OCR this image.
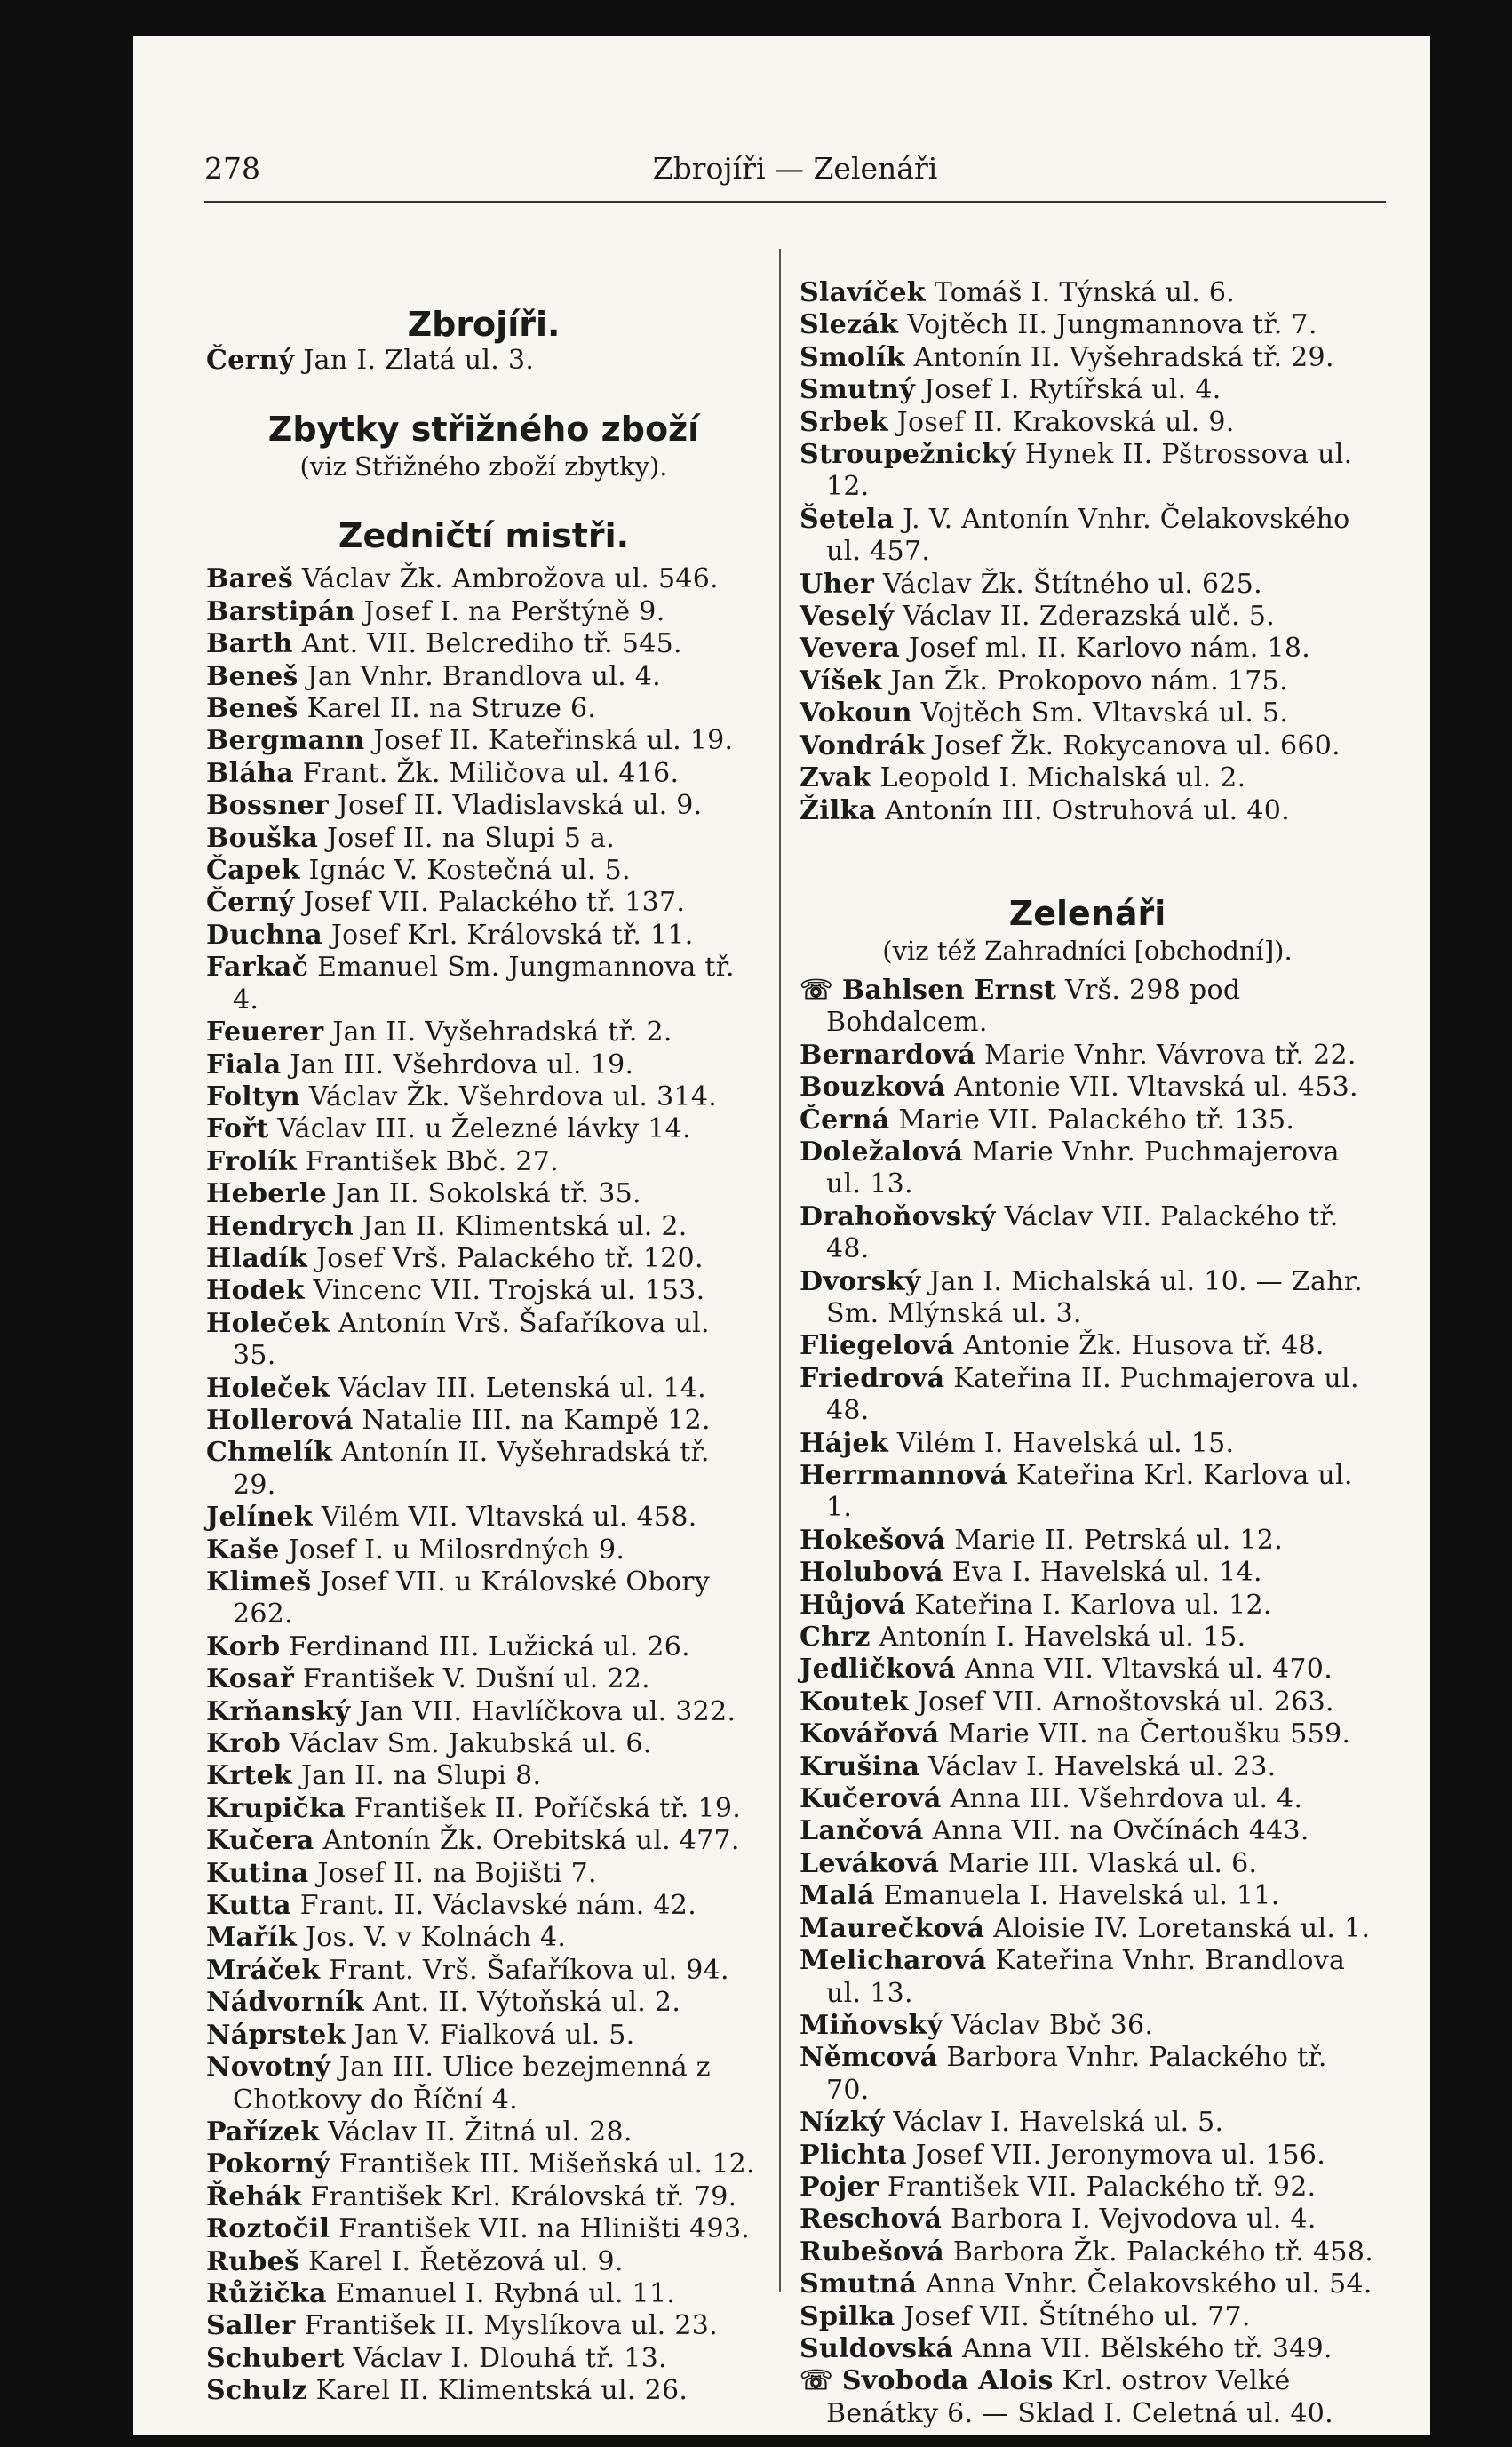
278	Zbrojíři — Zelenáři
Zbrojíři.
Černý Jan I. Zlatá ul. 3.
Zbytky střižného zboží
(viz Střižného zboží zbytky).
Zedničtí mistři.
Bareš Václav Žk. Ambrožova ul. 546.
Barstipán Josef I. na Perštýně 9.
Barth Ant. VII. Belcrediho tř. 545.
Beneš Jan Vnhr. Brandlova ul. 4.
Beneš Karel II. na Struze 6.
Bergmann Josef II. Kateřinská ul. 19.
Bláha Frant. Žk. Miličova ul. 416.
Bossner Josef II. Vladislavská ul. 9.
Bouška Josef II. na Slupi 5 a.
Čapek Ignác V. Kostečná ul. 5.
Černý Josef VII. Palackého tř. 137.
Duchna Josef Krl. Královská tř. 11.
Farkač Emanuel Sm. Jungmannova tř. 4.
Feuerer Jan II. Vyšehradská tř. 2.
Fiala Jan III. Všehrdova ul. 19.
Foltyn Václav Žk. Všehrdova ul. 314.
Fořt Václav III. u Železné lávky 14.
Frolík František Bbč. 27.
Heberle Jan II. Sokolská tř. 35.
Hendrych Jan II. Klimentská ul. 2.
Hladík Josef Vrš. Palackého tř. 120.
Hodek Vincenc VII. Trojská ul. 153.
Holeček Antonín Vrš. Šafaříkova ul. 35.
Holeček Václav III. Letenská ul. 14.
Hollerová Natalie III. na Kampě 12.
Chmelík Antonín II. Vyšehradská tř. 29.
Jelínek Vilém VII. Vltavská ul. 458.
Kaše Josef I. u Milosrdných 9.
Klimeš Josef VII. u Královské Obory 262.
Korb Ferdinand III. Lužická ul. 26.
Kosař František V. Dušní ul. 22.
Krňanský Jan VII. Havlíčkova ul. 322.
Krob Václav Sm. Jakubská ul. 6.
Krtek Jan II. na Slupi 8.
Krupička František II. Poříčská tř. 19.
Kučera Antonín Žk. Orebitská ul. 477.
Kutina Josef II. na Bojišti 7.
Kutta Frant. II. Václavské nám. 42.
Mařík Jos. V. v Kolnách 4.
Mráček Frant. Vrš. Šafaříkova ul. 94.
Nádvorník Ant. II. Výtoňská ul. 2.
Náprstek Jan V. Fialková ul. 5.
Novotný Jan III. Ulice bezejmenná z Chotkovy do Říční 4.
Pařízek Václav II. Žitná ul. 28.
Pokorný František III. Mišeňská ul. 12.
Řehák František Krl. Královská tř. 79.
Roztočil František VII. na Hliništi 493.
Rubeš Karel I. Řetězová ul. 9.
Růžička Emanuel I. Rybná ul. 11.
Saller František II. Myslíkova ul. 23.
Schubert Václav I. Dlouhá tř. 13.
Schulz Karel II. Klimentská ul. 26.
Slavíček Tomáš I. Týnská ul. 6.
Slezák Vojtěch II. Jungmannova tř. 7.
Smolík Antonín II. Vyšehradská tř. 29.
Smutný Josef I. Rytířská ul. 4.
Srbek Josef II. Krakovská ul. 9.
Stroupežnický Hynek II. Pštrossova ul. 12.
Šetela J. V. Antonín Vnhr. Čelakovského ul. 457.
Uher Václav Žk. Štítného ul. 625.
Veselý Václav II. Zderazská ulč. 5.
Vevera Josef ml. II. Karlovo nám. 18.
Víšek Jan Žk. Prokopovo nám. 175.
Vokoun Vojtěch Sm. Vltavská ul. 5.
Vondrák Josef Žk. Rokycanova ul. 660.
Zvak Leopold I. Michalská ul. 2.
Žilka Antonín III. Ostruhová ul. 40.
Zelenáři
(viz též Zahradníci [obchodní]).
☏ Bahlsen Ernst Vrš. 298 pod Bohdalcem.
Bernardová Marie Vnhr. Vávrova tř. 22.
Bouzková Antonie VII. Vltavská ul. 453.
Černá Marie VII. Palackého tř. 135.
Doležalová Marie Vnhr. Puchmajerova ul. 13.
Drahoňovský Václav VII. Palackého tř. 48.
Dvorský Jan I. Michalská ul. 10. — Zahr. Sm. Mlýnská ul. 3.
Fliegelová Antonie Žk. Husova tř. 48.
Friedrová Kateřina II. Puchmajerova ul. 48.
Hájek Vilém I. Havelská ul. 15.
Herrmannová Kateřina Krl. Karlova ul. 1.
Hokešová Marie II. Petrská ul. 12.
Holubová Eva I. Havelská ul. 14.
Hůjová Kateřina I. Karlova ul. 12.
Chrz Antonín I. Havelská ul. 15.
Jedličková Anna VII. Vltavská ul. 470.
Koutek Josef VII. Arnoštovská ul. 263.
Kovářová Marie VII. na Čertoušku 559.
Krušina Václav I. Havelská ul. 23.
Kučerová Anna III. Všehrdova ul. 4.
Lančová Anna VII. na Ovčínách 443.
Leváková Marie III. Vlaská ul. 6.
Malá Emanuela I. Havelská ul. 11.
Maurečková Aloisie IV. Loretanská ul. 1.
Melicharová Kateřina Vnhr. Brandlova ul. 13.
Miňovský Václav Bbč 36.
Němcová Barbora Vnhr. Palackého tř. 70.
Nízký Václav I. Havelská ul. 5.
Plichta Josef VII. Jeronymova ul. 156.
Pojer František VII. Palackého tř. 92.
Reschová Barbora I. Vejvodova ul. 4.
Rubešová Barbora Žk. Palackého tř. 458.
Smutná Anna Vnhr. Čelakovského ul. 54.
Spilka Josef VII. Štítného ul. 77.
Suldovská Anna VII. Bělského tř. 349.
☏ Svoboda Alois Krl. ostrov Velké Benátky 6. — Sklad I. Celetná ul. 40.
